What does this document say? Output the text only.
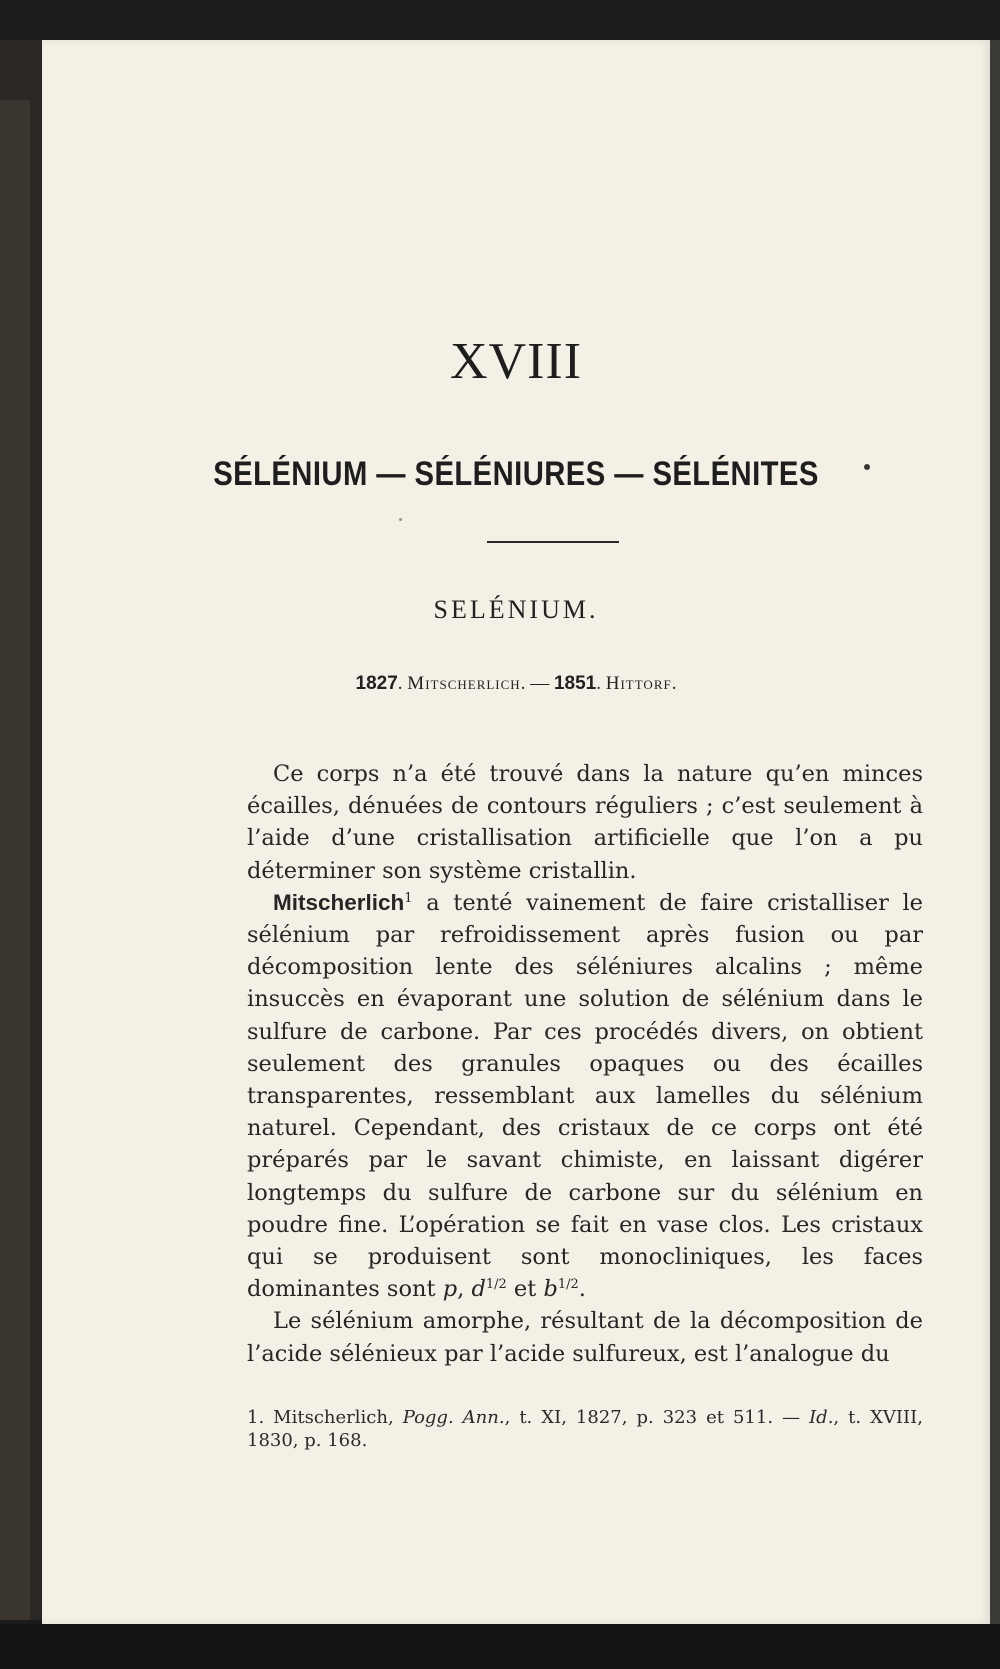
XVIII
SÉLÉNIUM — SÉLÉNIURES — SÉLÉNITES
SELÉNIUM.
1827. Mitscherlich. — 1851. Hittorf.

Ce corps n’a été trouvé dans la nature qu’en minces écailles, dénuées de contours réguliers ; c’est seulement à l’aide d’une cristallisation artificielle que l’on a pu déterminer son système cristallin.

Mitscherlich$^1$ a tenté vainement de faire cristalliser le sélénium par refroidissement après fusion ou par décomposition lente des séléniures alcalins ; même insuccès en évaporant une solution de sélénium dans le sulfure de carbone. Par ces procédés divers, on obtient seulement des granules opaques ou des écailles transparentes, ressemblant aux lamelles du sélénium naturel. Cependant, des cristaux de ce corps ont été préparés par le savant chimiste, en laissant digérer longtemps du sulfure de carbone sur du sélénium en poudre fine. L’opération se fait en vase clos. Les cristaux qui se produisent sont monocliniques, les faces dominantes sont p, $d^{1/2}$ et $b^{1/2}$.

Le sélénium amorphe, résultant de la décomposition de l’acide sélénieux par l’acide sulfureux, est l’analogue du

1. Mitscherlich, Pogg. Ann., t. XI, 1827, p. 323 et 511. — Id., t. XVIII, 1830, p. 168.
